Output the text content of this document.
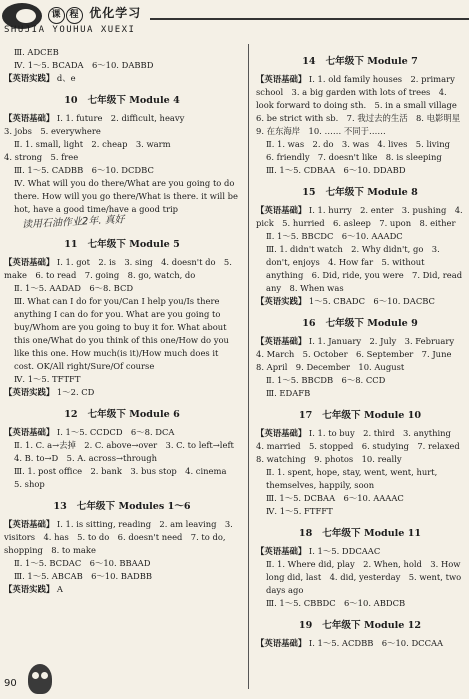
课 程 优化学习
SHUJIA YOUHUA XUEXI
Ⅲ. ADCEB
Ⅳ. 1～5. BCADA　6～10. DABBD
【英语实践】 d、e
10 七年级下 Module 4
【英语基础】 Ⅰ. 1. future　2. difficult, heavy
3. jobs　5. everywhere
Ⅱ. 1. small, light　2. cheap　3. warm
4. strong　5. free
Ⅲ. 1～5. CADBB　6～10. DCDBC
Ⅳ. What will you do there/What are you going to do there. How will you go there/What is there. it will be hot, have a good time/have a good trip读用石油作业2年. 真好
11 七年级下 Module 5
【英语基础】 Ⅰ. 1. got　2. is　3. sing　4. doesn't do　5. make　6. to read　7. going　8. go, watch, do
Ⅱ. 1～5. AADAD　6～8. BCD
Ⅲ. What can I do for you/Can I help you/Is there anything I can do for you. What are you going to buy/Whom are you going to buy it for. What about this one/What do you think of this one/How do you like this one. How much(is it)/How much does it cost. OK/All right/Sure/Of course
Ⅳ. 1～5. TFTFT
【英语实践】 1～2. CD
12 七年级下 Module 6
【英语基础】 Ⅰ. 1～5. CCDCD　6～8. DCA
Ⅱ. 1. C. a→去掉　2. C. above→over　3. C. to left→left　4. B. to→D　5. A. across→through
Ⅲ. 1. post office　2. bank　3. bus stop　4. cinema　5. shop
13 七年级下 Modules 1～6
【英语基础】 Ⅰ. 1. is sitting, reading　2. am leaving　3. visitors　4. has　5. to do　6. doesn't need　7. to do, shopping　8. to make
Ⅱ. 1～5. BCDAC　6～10. BBAAD
Ⅲ. 1～5. ABCAB　6～10. BADBB
【英语实践】 A
14 七年级下 Module 7
【英语基础】 Ⅰ. 1. old family houses　2. primary school　3. a big garden with lots of trees　4. look forward to doing sth.　5. in a small village
6. be strict with sb.　7. 我过去的生活　8. 电影明星　9. 在东海岸　10. …… 不同于……
Ⅱ. 1. was　2. do　3. was　4. lives　5. living　6. friendly　7. doesn't like　8. is sleeping
Ⅲ. 1～5. CDBAA　6～10. DDABD
15 七年级下 Module 8
【英语基础】 Ⅰ. 1. hurry　2. enter　3. pushing　4. pick　5. hurried　6. asleep　7. upon　8. either
Ⅱ. 1～5. BBCDC　6～10. AAADC
Ⅲ. 1. didn't watch　2. Why didn't, go　3. don't, enjoys　4. How far　5. without anything　6. Did, ride, you were　7. Did, read any　8. When was
【英语实践】 1～5. CBADC　6～10. DACBC
16 七年级下 Module 9
【英语基础】 Ⅰ. 1. January　2. July　3. February　4. March　5. October　6. September　7. June　8. April　9. December　10. August
Ⅱ. 1～5. BBCDB　6～8. CCD
Ⅲ. EDAFB
17 七年级下 Module 10
【英语基础】 Ⅰ. 1. to buy　2. third　3. anything　4. married　5. stopped　6. studying　7. relaxed　8. watching　9. photos　10. really
Ⅱ. 1. spent, hope, stay, went, went, hurt, themselves, happily, soon
Ⅲ. 1～5. DCBAA　6～10. AAAAC
Ⅳ. 1～5. FTFFT
18 七年级下 Module 11
【英语基础】 Ⅰ. 1～5. DDCAAC
Ⅱ. 1. Where did, play　2. When, hold　3. How long did, last　4. did, yesterday　5. went, two days ago
Ⅲ. 1～5. CBBDC　6～10. ABDCB
19 七年级下 Module 12
【英语基础】 Ⅰ. 1～5. ACDBB　6～10. DCCAA
90
